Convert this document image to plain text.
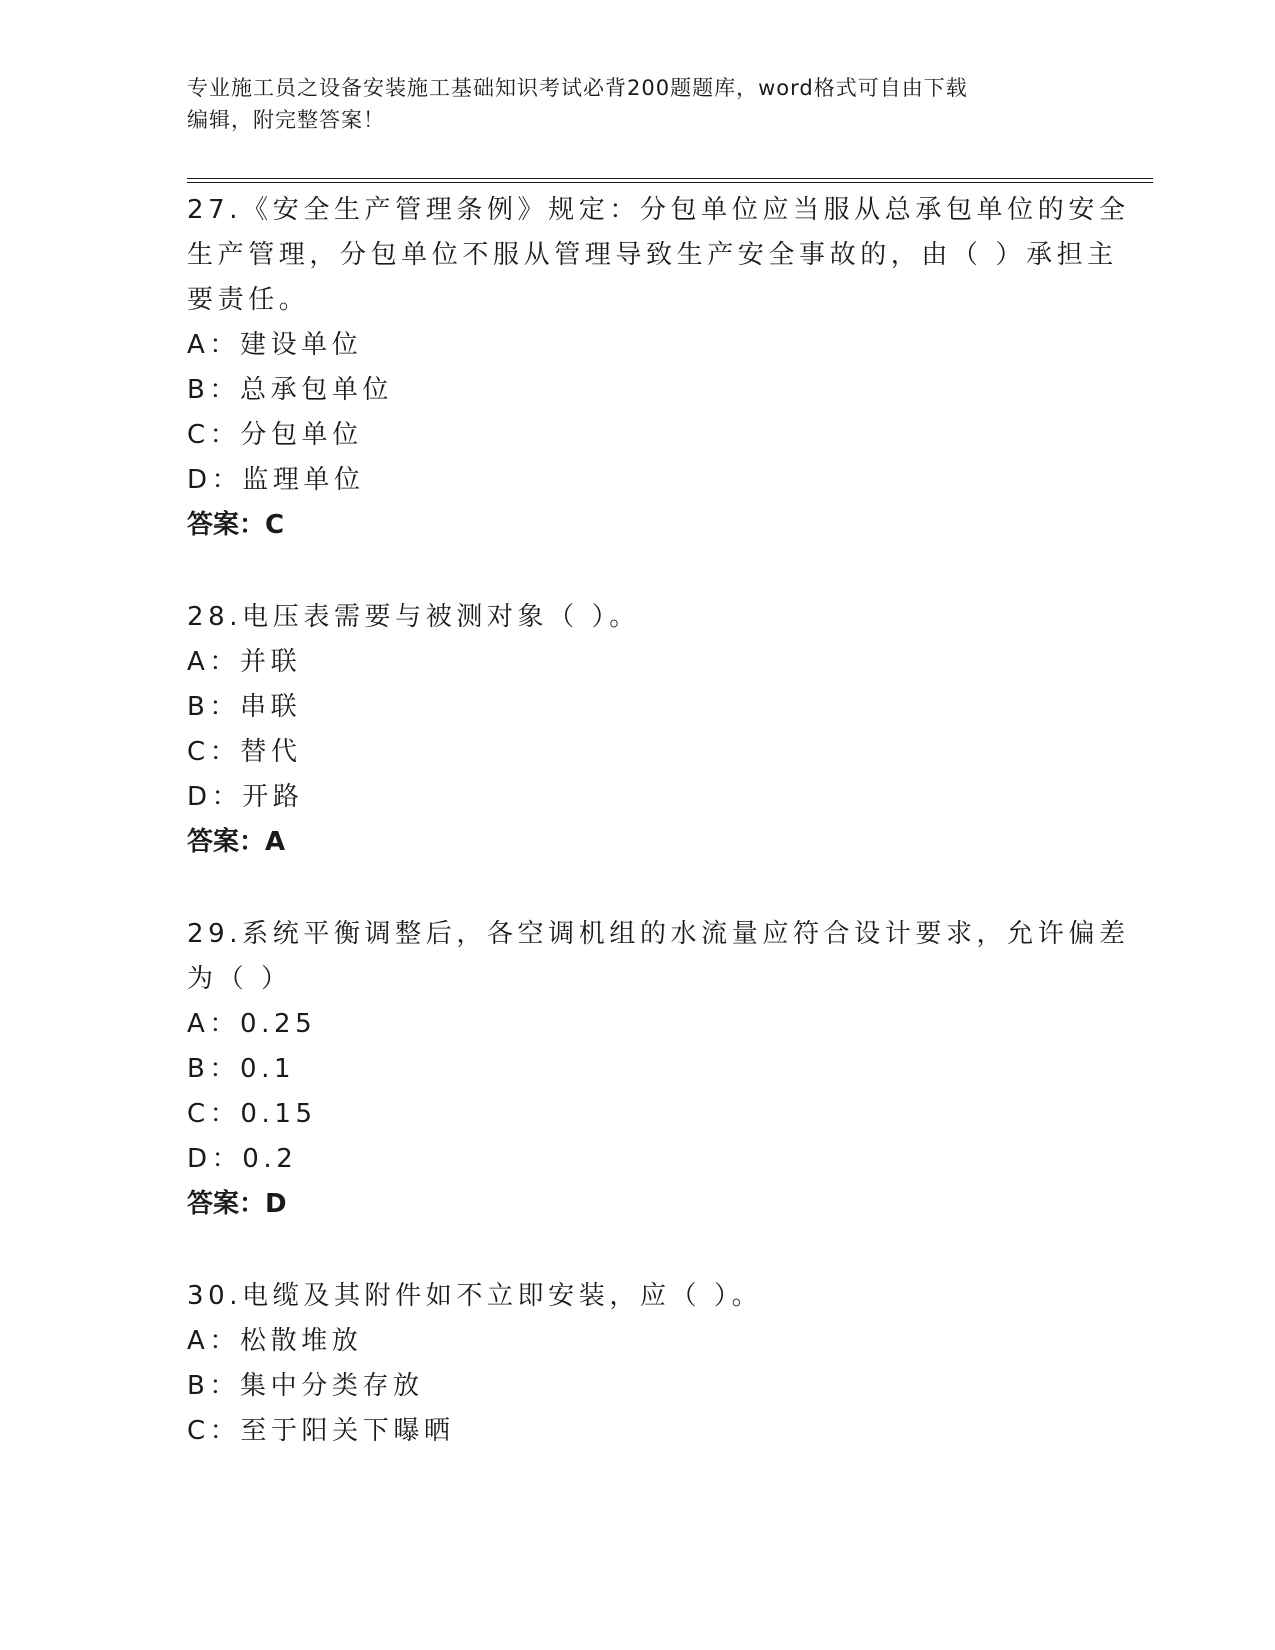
专业施工员之设备安装施工基础知识考试必背200题题库，word格式可自由下载
编辑，附完整答案！
27.《安全生产管理条例》规定：分包单位应当服从总承包单位的安全
生产管理，分包单位不服从管理导致生产安全事故的，由（ ）承担主
要责任。
A：建设单位
B：总承包单位
C：分包单位
D：监理单位
答案：C
28.电压表需要与被测对象（ ）。
A：并联
B：串联
C：替代
D：开路
答案：A
29.系统平衡调整后，各空调机组的水流量应符合设计要求，允许偏差
为（ ）
A：0.25
B：0.1
C：0.15
D：0.2
答案：D
30.电缆及其附件如不立即安装，应（ ）。
A：松散堆放
B：集中分类存放
C：至于阳关下曝晒
